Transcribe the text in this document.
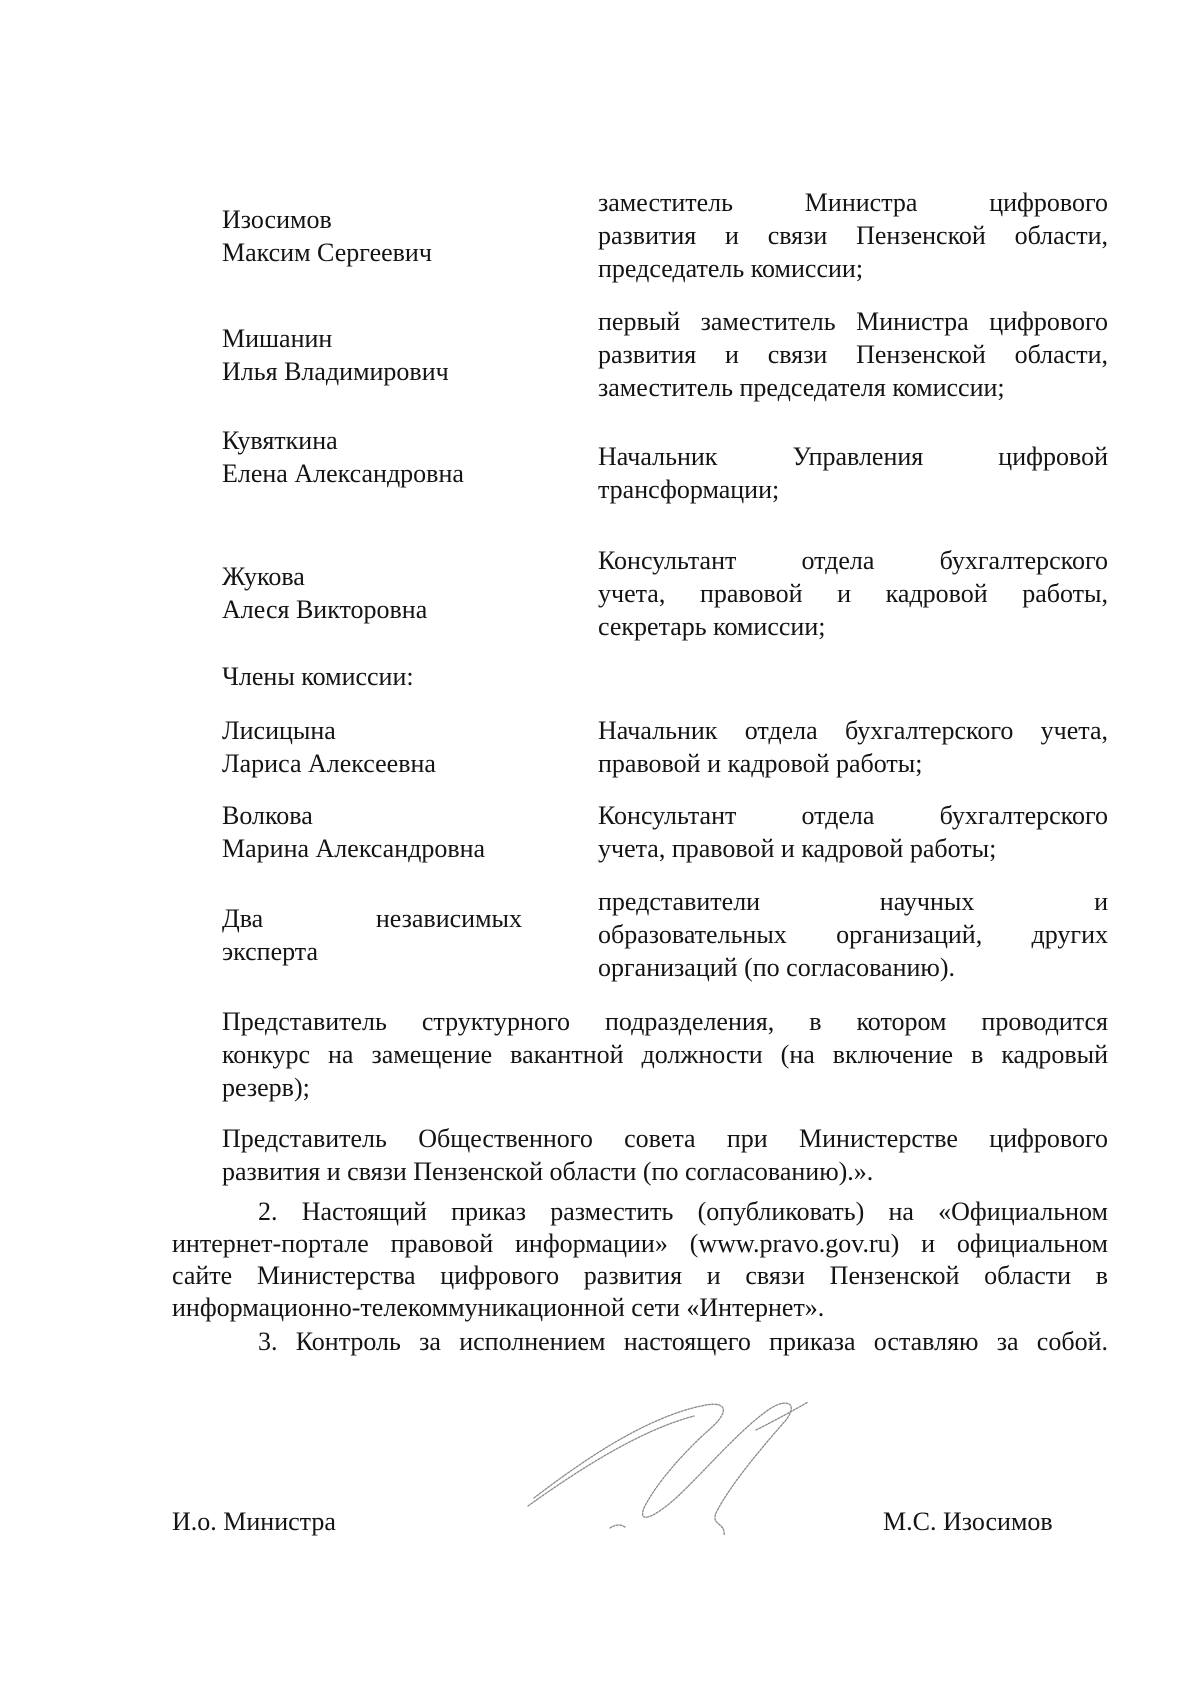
Изосимов
Максим Сергеевич
заместитель Министра цифрового
развития и связи Пензенской области,
председатель комиссии;
Мишанин
Илья Владимирович
первый заместитель Министра цифрового
развития и связи Пензенской области,
заместитель председателя комиссии;
Кувяткина
Елена Александровна
Начальник Управления цифровой
трансформации;
Жукова
Алеся Викторовна
Консультант отдела бухгалтерского
учета, правовой и кадровой работы,
секретарь комиссии;
Члены комиссии:
Лисицына
Лариса Алексеевна
Начальник отдела бухгалтерского учета,
правовой и кадровой работы;
Волкова
Марина Александровна
Консультант отдела бухгалтерского
учета, правовой и кадровой работы;
Два независимых
эксперта
представители научных и
образовательных организаций, других
организаций (по согласованию).
Представитель структурного подразделения, в котором проводится
конкурс на замещение вакантной должности (на включение в кадровый
резерв);
Представитель Общественного совета при Министерстве цифрового
развития и связи Пензенской области (по согласованию).».
2. Настоящий приказ разместить (опубликовать) на «Официальном
интернет-портале правовой информации» (www.pravo.gov.ru) и официальном
сайте Министерства цифрового развития и связи Пензенской области в
информационно-телекоммуникационной сети «Интернет».
3. Контроль за исполнением настоящего приказа оставляю за собой.
И.о. Министра	М.С. Изосимов
